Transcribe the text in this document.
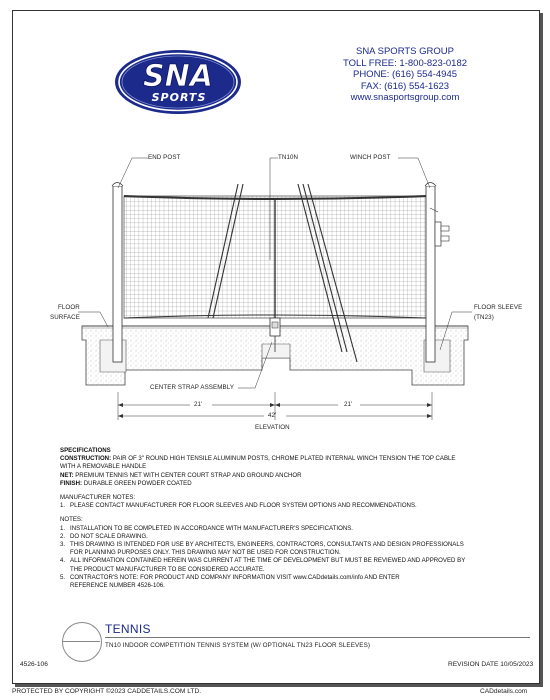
SNA
SPORTS
SNA SPORTS GROUP
TOLL FREE: 1-800-823-0182
PHONE: (616) 554-4945
FAX: (616) 554-1623
www.snasportsgroup.com
END POST	TN10N	WINCH POST
FLOOR
SURFACE
FLOOR SLEEVE
(TN23)
CENTER STRAP ASSEMBLY
21'	21'
42'
ELEVATION

SPECIFICATIONS

CONSTRUCTION: PAIR OF 3" ROUND HIGH TENSILE ALUMINUM POSTS, CHROME PLATED INTERNAL WINCH TENSION THE TOP CABLE

WITH A REMOVABLE HANDLE

NET: PREMIUM TENNIS NET WITH CENTER COURT STRAP AND GROUND ANCHOR

FINISH: DURABLE GREEN POWDER COATED

MANUFACTURER NOTES:

1. PLEASE CONTACT MANUFACTURER FOR FLOOR SLEEVES AND FLOOR SYSTEM OPTIONS AND RECOMMENDATIONS.

NOTES:

1. INSTALLATION TO BE COMPLETED IN ACCORDANCE WITH MANUFACTURER'S SPECIFICATIONS.
2. DO NOT SCALE DRAWING.
3. THIS DRAWING IS INTENDED FOR USE BY ARCHITECTS, ENGINEERS, CONTRACTORS, CONSULTANTS AND DESIGN PROFESSIONALS
FOR PLANNING PURPOSES ONLY. THIS DRAWING MAY NOT BE USED FOR CONSTRUCTION.
4. ALL INFORMATION CONTAINED HEREIN WAS CURRENT AT THE TIME OF DEVELOPMENT BUT MUST BE REVIEWED AND APPROVED BY
THE PRODUCT MANUFACTURER TO BE CONSIDERED ACCURATE.
5. CONTRACTOR'S NOTE: FOR PRODUCT AND COMPANY INFORMATION VISIT www.CADdetails.com/info AND ENTER
REFERENCE NUMBER 4526-106.
TENNIS
TN10 INDOOR COMPETITION TENNIS SYSTEM (W/ OPTIONAL TN23 FLOOR SLEEVES)
4526-106	REVISION DATE 10/05/2023
PROTECTED BY COPYRIGHT ©2023 CADDETAILS.COM LTD.	CADdetails.com
